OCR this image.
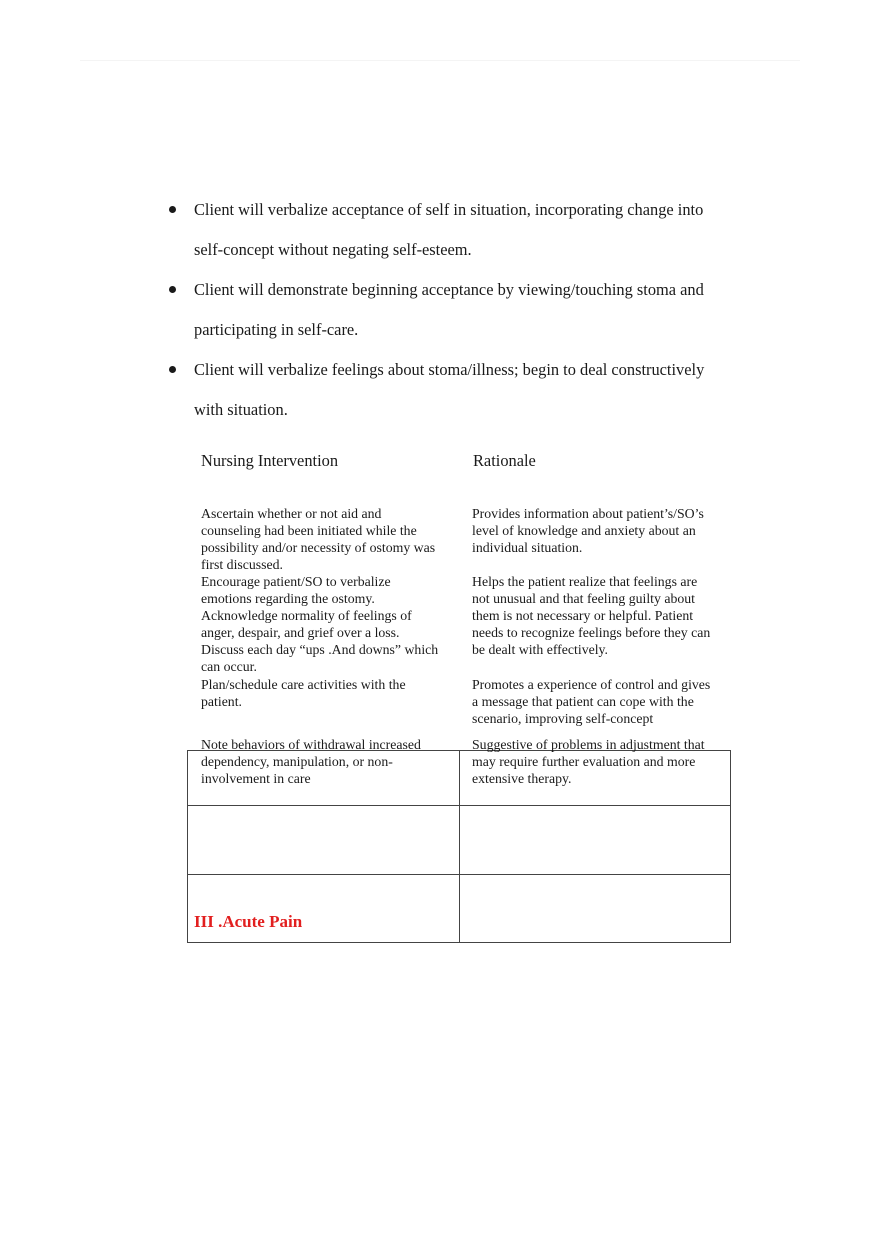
Client will verbalize acceptance of self in situation, incorporating change into self-concept without negating self-esteem.
Client will demonstrate beginning acceptance by viewing/touching stoma and participating in self-care.
Client will verbalize feelings about stoma/illness; begin to deal constructively with situation.
Nursing Intervention	Rationale
Ascertain whether or not aid and
counseling had been initiated while the
possibility and/or necessity of ostomy was
first discussed.
Encourage patient/SO to verbalize
emotions regarding the ostomy.
Acknowledge normality of feelings of
anger, despair, and grief over a loss.
Discuss each day “ups .And downs” which
can occur.
Plan/schedule care activities with the
patient.
Note behaviors of withdrawal increased
dependency, manipulation, or non-
involvement in care
Provides information about patient’s/SO’s
level of knowledge and anxiety about an
individual situation.
Helps the patient realize that feelings are
not unusual and that feeling guilty about
them is not necessary or helpful. Patient
needs to recognize feelings before they can
be dealt with effectively.
Promotes a experience of control and gives
a message that patient can cope with the
scenario, improving self-concept
Suggestive of problems in adjustment that
may require further evaluation and more
extensive therapy.
III .Acute Pain
